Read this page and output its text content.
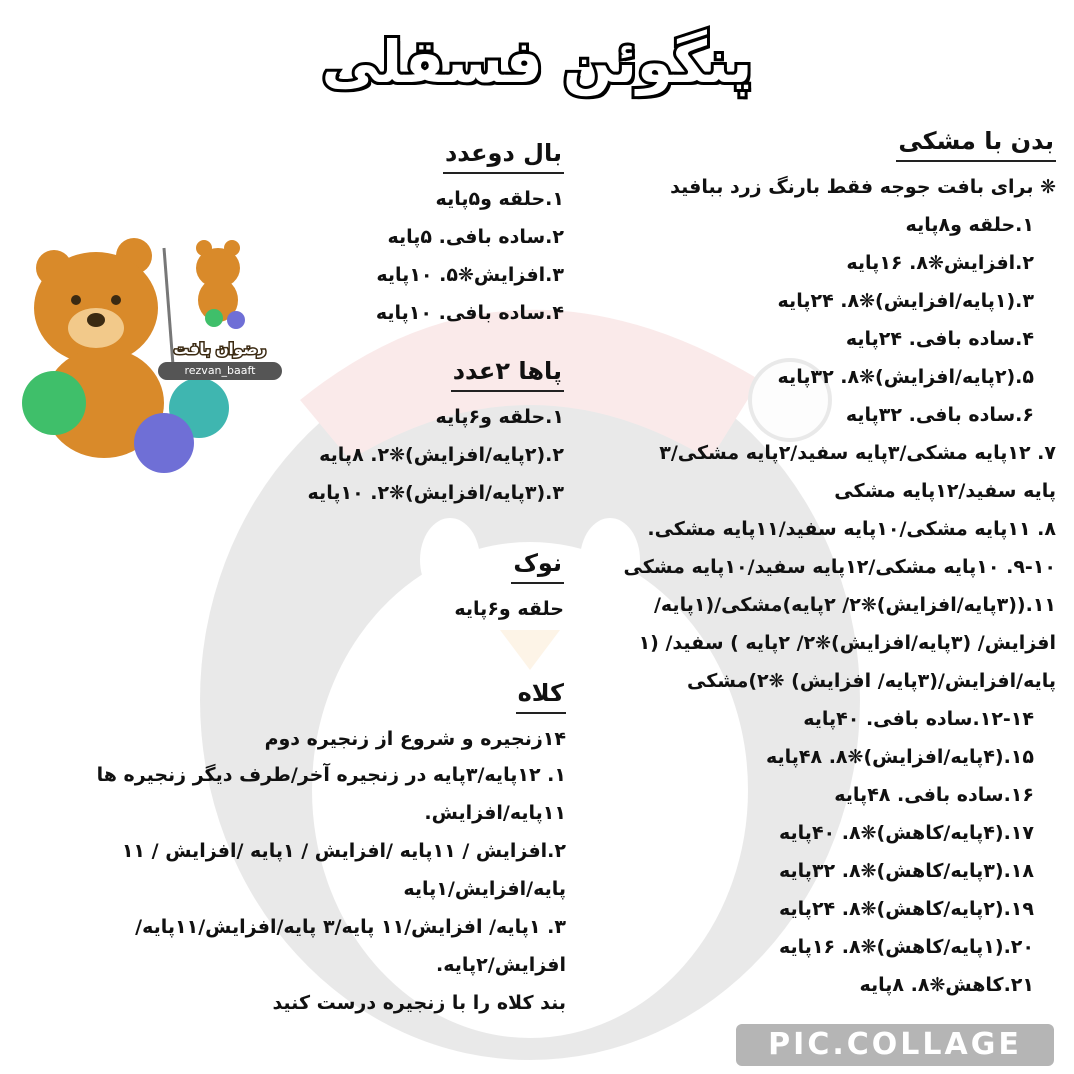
پنگوئن فسقلی
بدن با مشکی
❋ برای بافت جوجه فقط بارنگ زرد ببافید
۱.حلقه و۸پایه
۲.افزایش❋۸. ۱۶پایه
۳.(۱پایه/افزایش)❋۸. ۲۴پایه
۴.ساده بافی. ۲۴پایه
۵.(۲پایه/افزایش)❋۸. ۳۲پایه
۶.ساده بافی. ۳۲پایه
۷. ۱۲پایه مشکی/۳پایه سفید/۲پایه مشکی/۳
پایه سفید/۱۲پایه مشکی
۸. ۱۱پایه مشکی/۱۰پایه سفید/۱۱پایه مشکی.
۹-۱۰. ۱۰پایه مشکی/۱۲پایه سفید/۱۰پایه مشکی
۱۱.((۳پایه/افزایش)❋۲/ ۲پایه)مشکی/(۱پایه/
افزایش/ (۳پایه/افزایش)❋۲/ ۲پایه ) سفید/ (۱
پایه/افزایش/(۳پایه/ افزایش) ❋۲)مشکی
۱۲-۱۴.ساده بافی. ۴۰پایه
۱۵.(۴پایه/افزایش)❋۸. ۴۸پایه
۱۶.ساده بافی. ۴۸پایه
۱۷.(۴پایه/کاهش)❋۸. ۴۰پایه
۱۸.(۳پایه/کاهش)❋۸. ۳۲پایه
۱۹.(۲پایه/کاهش)❋۸. ۲۴پایه
۲۰.(۱پایه/کاهش)❋۸. ۱۶پایه
۲۱.کاهش❋۸. ۸پایه
بال دوعدد
۱.حلقه و۵پایه
۲.ساده بافی. ۵پایه
۳.افزایش❋۵. ۱۰پایه
۴.ساده بافی. ۱۰پایه
پاها ۲عدد
۱.حلقه و۶پایه
۲.(۲پایه/افزایش)❋۲. ۸پایه
۳.(۳پایه/افزایش)❋۲. ۱۰پایه
نوک
حلقه و۶پایه
کلاه
۱۴زنجیره و شروع از زنجیره دوم
۱. ۱۲پایه/۳پایه در زنجیره آخر/طرف دیگر زنجیره ها
۱۱پایه/افزایش.
۲.افزایش / ۱۱پایه /افزایش / ۱پایه /افزایش / ۱۱
پایه/افزایش/۱پایه
۳. ۱پایه/ افزایش/۱۱ پایه/۳ پایه/افزایش/۱۱پایه/
افزایش/۲پایه.
بند کلاه را با زنجیره درست کنید
رضوان بافت
rezvan_baaft
PIC.COLLAGE
